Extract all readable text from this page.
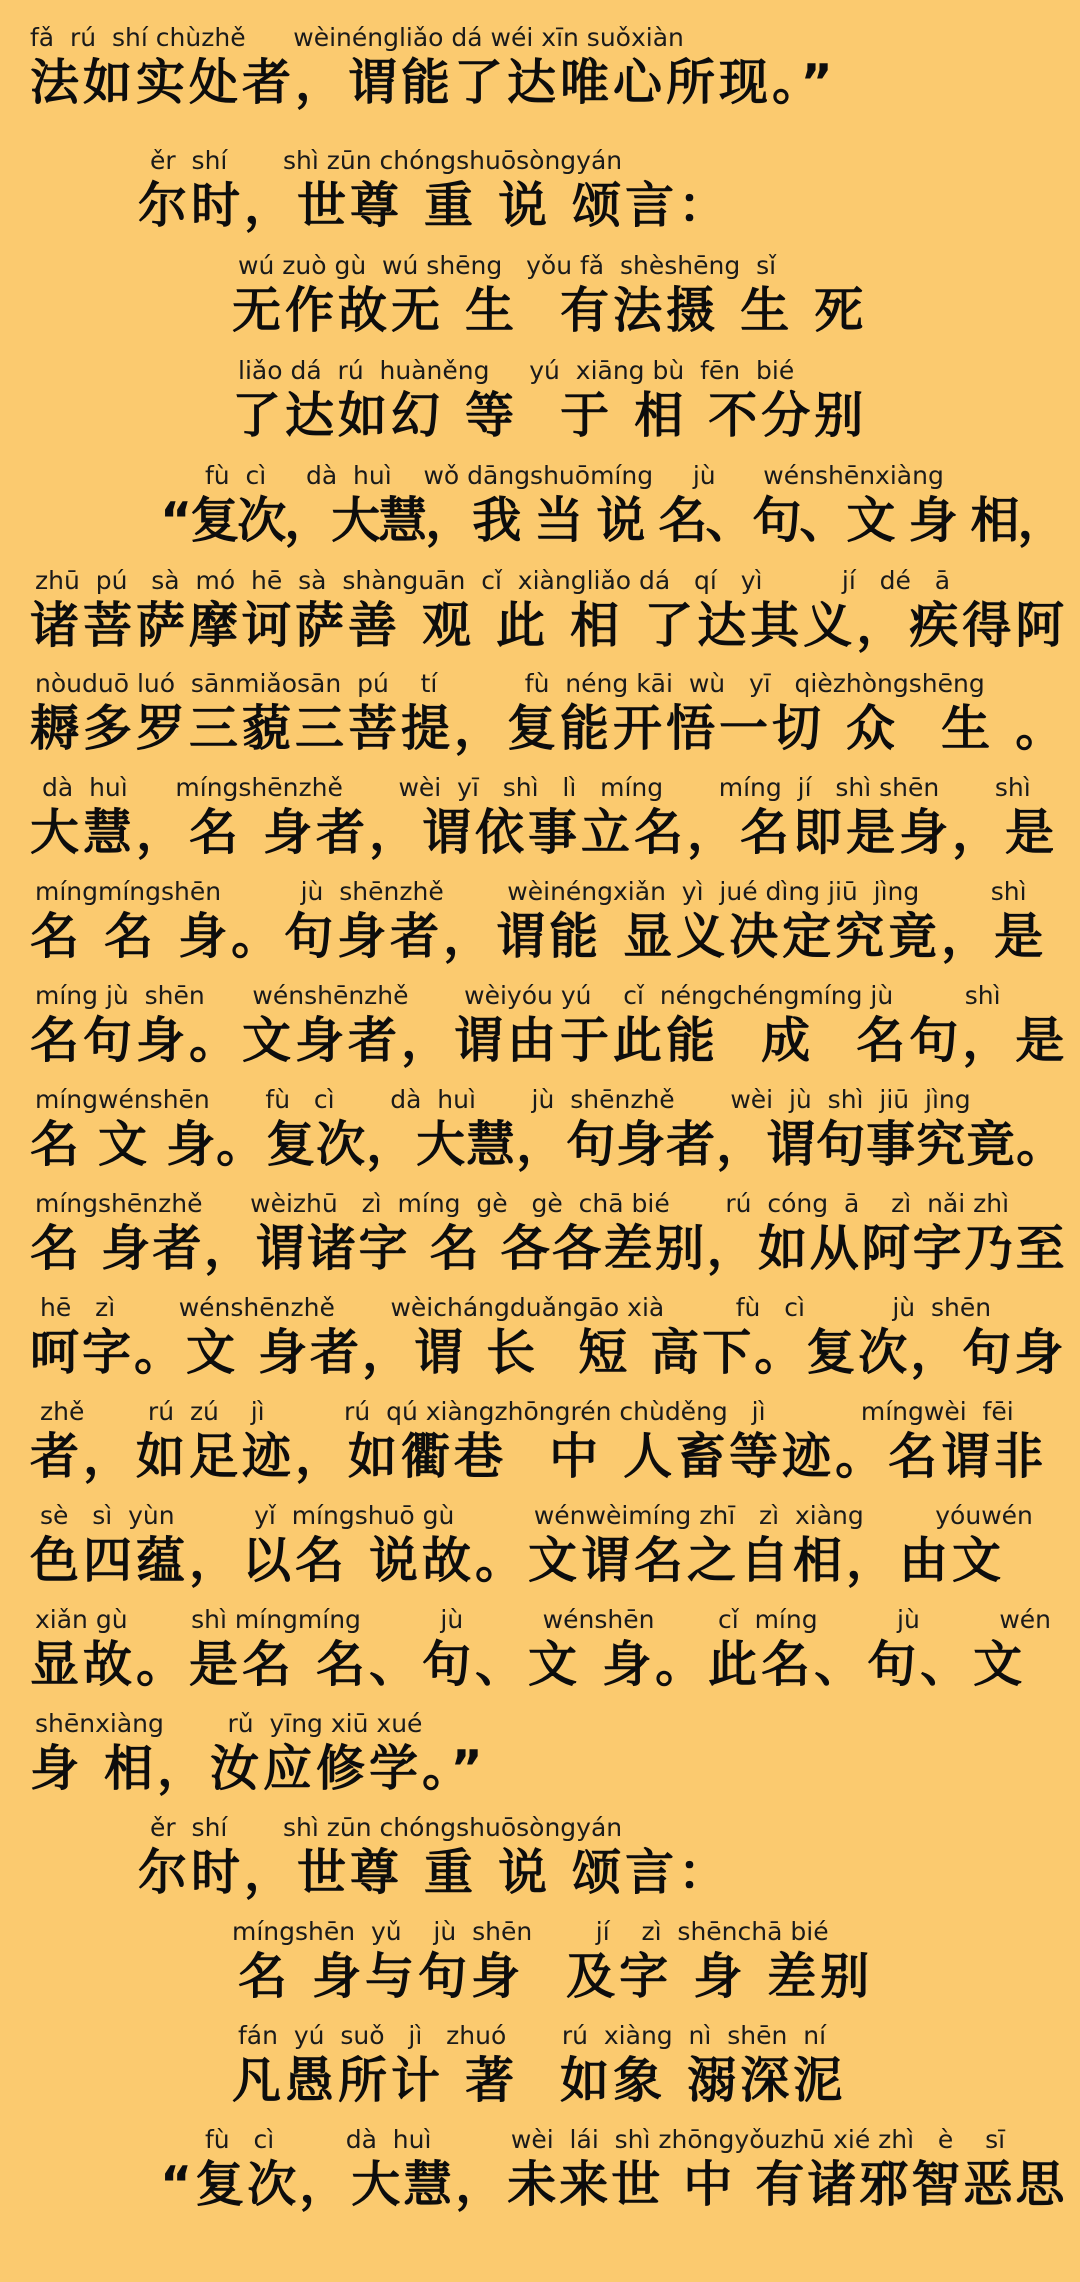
fǎ  rú  shí chùzhě      wèinéngliǎo dá wéi xīn suǒxiàn
法如实处者，谓能了达唯心所现。”
ěr  shí       shì zūn chóngshuōsòngyán
尔时，世尊 重 说 颂言：
wú zuò gù  wú shēng   yǒu fǎ  shèshēng  sǐ
无作故无 生  有法摄 生 死
liǎo dá  rú  huàněng     yú  xiāng bù  fēn  bié
了达如幻 等  于 相 不分别
fù  cì     dà  huì    wǒ dāngshuōmíng     jù      wénshēnxiàng
“复次，大慧，我 当 说 名、句、文 身 相，
zhū  pú   sà  mó  hē  sà  shànguān  cǐ  xiàngliǎo dá   qí   yì          jí   dé   ā
诸菩萨摩诃萨善 观 此 相 了达其义，疾得阿
nòuduō luó  sānmiǎosān  pú    tí           fù  néng kāi  wù   yī   qièzhòngshēng
耨多罗三藐三菩提，复能开悟一切 众  生 。
dà  huì      míngshēnzhě       wèi  yī   shì   lì   míng       míng  jí   shì shēn       shì
大慧，名 身者，谓依事立名，名即是身，是
míngmíngshēn          jù  shēnzhě        wèinéngxiǎn  yì  jué dìng jiū  jìng         shì
名 名 身。句身者，谓能 显义决定究竟，是
míng jù  shēn      wénshēnzhě       wèiyóu yú    cǐ  néngchéngmíng jù         shì
名句身。文身者，谓由于此能  成  名句，是
míngwénshēn       fù   cì       dà  huì       jù  shēnzhě       wèi  jù  shì  jiū  jìng
名 文 身。复次，大慧，句身者，谓句事究竟。
míngshēnzhě      wèizhū   zì  míng  gè   gè  chā bié       rú  cóng  ā    zì  nǎi zhì
名 身者，谓诸字 名 各各差别，如从阿字乃至
hē   zì        wénshēnzhě       wèichángduǎngāo xià         fù   cì           jù  shēn
呵字。文 身者，谓 长  短 高下。复次，句身
zhě        rú  zú    jì          rú  qú xiàngzhōngrén chùděng   jì            míngwèi  fēi
者，如足迹，如衢巷  中 人畜等迹。名谓非
sè   sì  yùn          yǐ  míngshuō gù          wénwèimíng zhī   zì  xiàng         yóuwén
色四蕴，以名 说故。文谓名之自相，由文
xiǎn gù        shì míngmíng          jù          wénshēn        cǐ  míng          jù          wén
显故。是名 名、句、文 身。此名、句、文
shēnxiàng        rǔ  yīng xiū xué
身 相，汝应修学。”
ěr  shí       shì zūn chóngshuōsòngyán
尔时，世尊 重 说 颂言：
míngshēn  yǔ    jù  shēn        jí    zì  shēnchā bié
名 身与句身  及字 身 差别
fán  yú  suǒ   jì   zhuó       rú  xiàng  nì  shēn  ní
凡愚所计 著  如象 溺深泥
fù   cì         dà  huì          wèi  lái  shì zhōngyǒuzhū xié zhì   è    sī
“复次，大慧，未来世 中 有诸邪智恶思
